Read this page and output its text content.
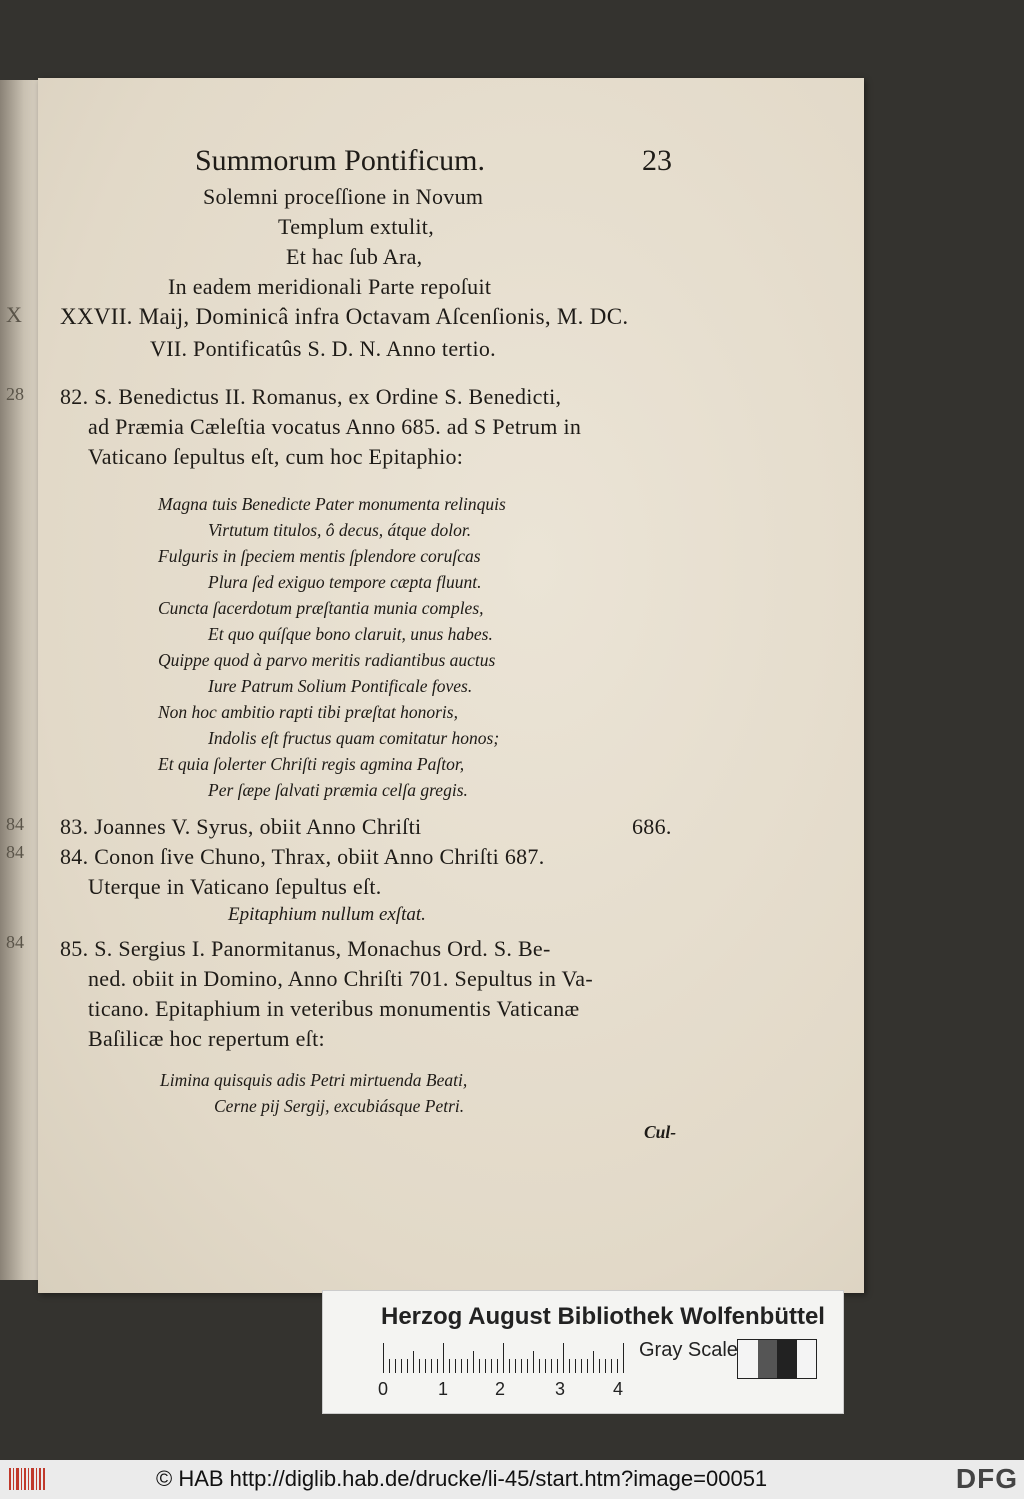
Summorum Pontificum.	23
Solemni proceſſione in Novum
Templum extulit,
Et hac ſub Ara,
In eadem meridionali Parte repoſuit
XXVII. Maij, Dominicâ infra Octavam Aſcenſionis, M. DC.
VII. Pontificatûs S. D. N. Anno tertio.
82. S. Benedictus II. Romanus, ex Ordine S. Benedicti,
ad Præmia Cæleſtia vocatus Anno 685. ad S Petrum in
Vaticano ſepultus eſt, cum hoc Epitaphio:
Magna tuis Benedicte Pater monumenta relinquis
Virtutum titulos, ô decus, átque dolor.
Fulguris in ſpeciem mentis ſplendore coruſcas
Plura ſed exiguo tempore cæpta fluunt.
Cuncta ſacerdotum præſtantia munia comples,
Et quo quíſque bono claruit, unus habes.
Quippe quod à parvo meritis radiantibus auctus
Iure Patrum Solium Pontificale foves.
Non hoc ambitio rapti tibi præſtat honoris,
Indolis eſt fructus quam comitatur honos;
Et quia ſolerter Chriſti regis agmina Paſtor,
Per ſæpe ſalvati præmia celſa gregis.
83. Joannes V. Syrus, obiit Anno Chriſti	686.
84. Conon ſive Chuno, Thrax, obiit Anno Chriſti 687.
Uterque in Vaticano ſepultus eſt.
Epitaphium nullum exſtat.
85. S. Sergius I. Panormitanus, Monachus Ord. S. Be-
ned. obiit in Domino, Anno Chriſti 701. Sepultus in Va-
ticano. Epitaphium in veteribus monumentis Vaticanæ
Baſilicæ hoc repertum eſt:
Limina quisquis adis Petri mirtuenda Beati,
Cerne pij Sergij, excubiásque Petri.
Cul-
X
28
84
84
84
Herzog August Bibliothek Wolfenbüttel
0	1	2	3	4
Gray Scale
© HAB http://diglib.hab.de/drucke/li-45/start.htm?image=00051	DFG
